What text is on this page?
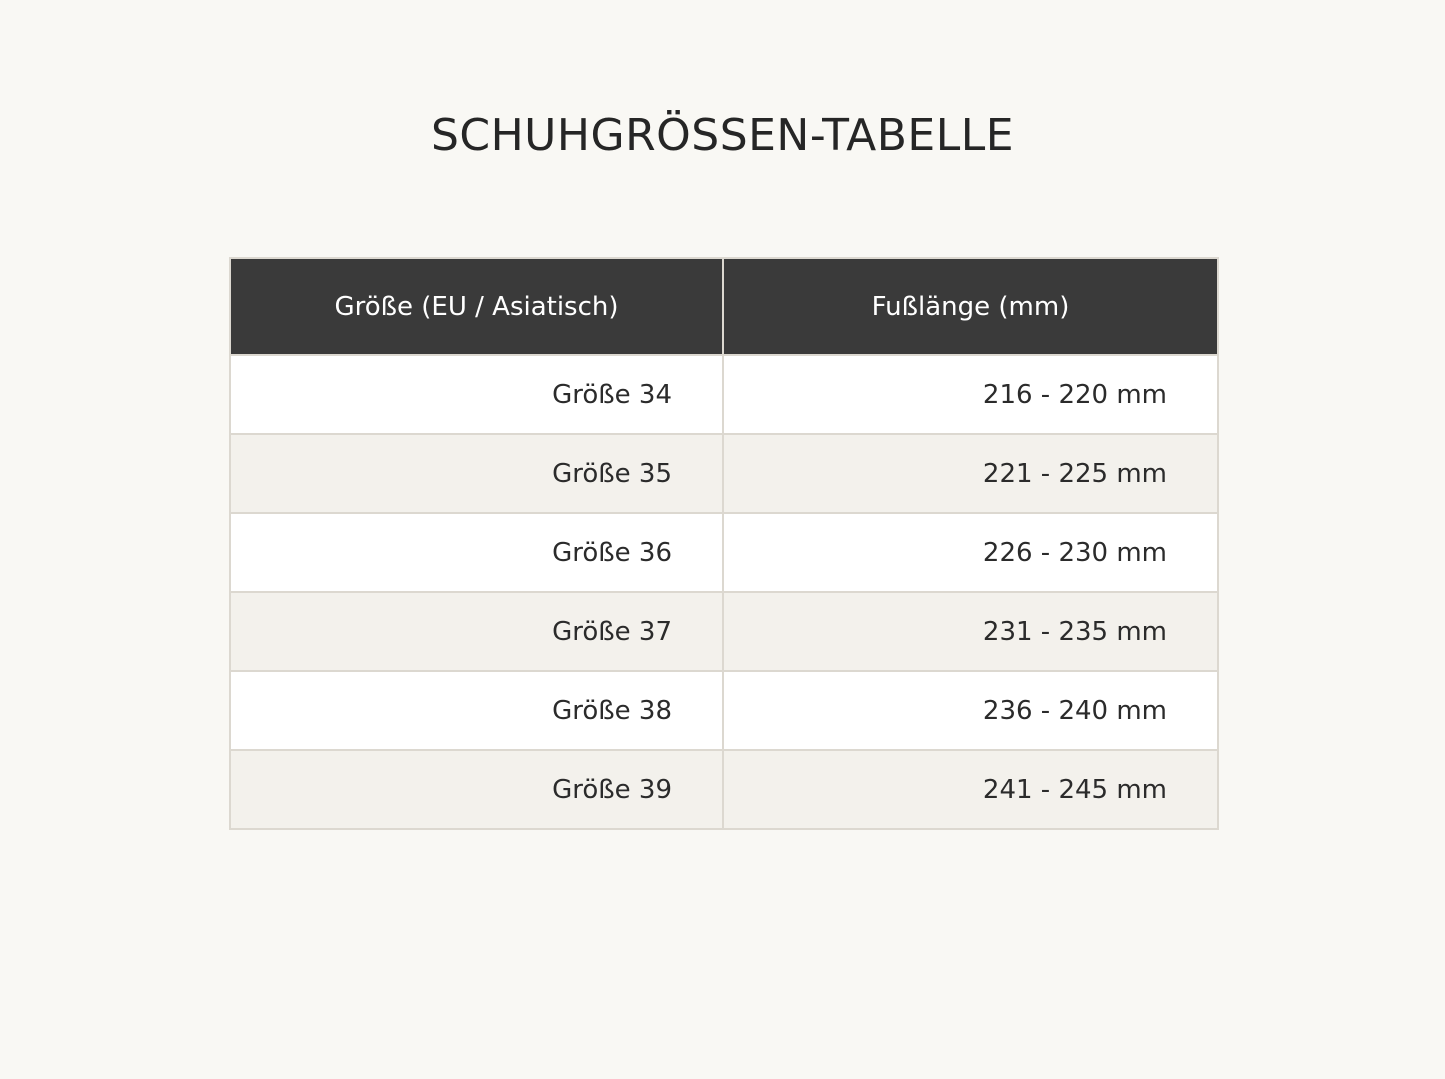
SCHUHGRÖSSEN-TABELLE
Größe (EU / Asiatisch)	Fußlänge (mm)
Größe 34	216 - 220 mm
Größe 35	221 - 225 mm
Größe 36	226 - 230 mm
Größe 37	231 - 235 mm
Größe 38	236 - 240 mm
Größe 39	241 - 245 mm
